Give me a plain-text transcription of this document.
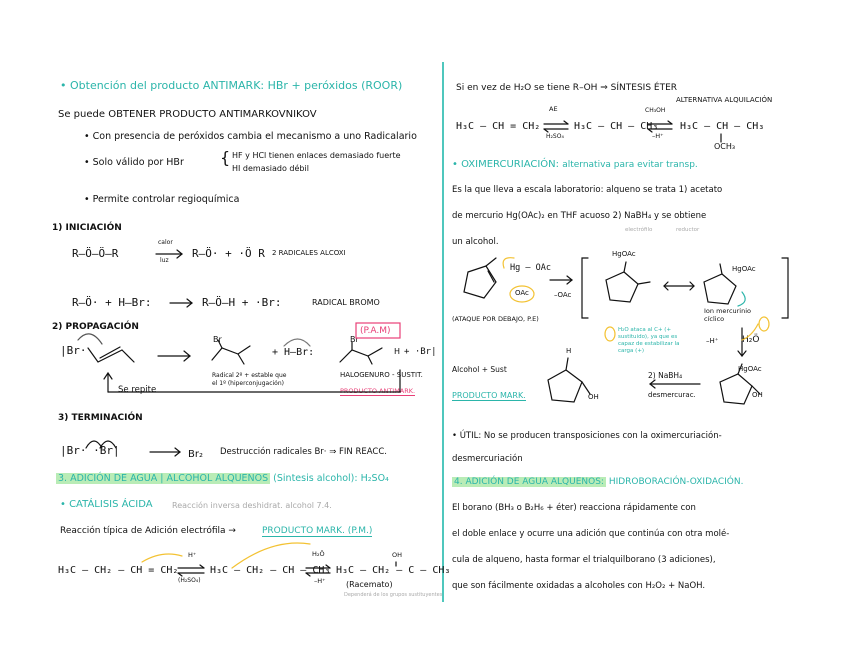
• Obtención del producto ANTIMARK: HBr + peróxidos (ROOR)
Se puede OBTENER PRODUCTO ANTIMARKOVNIKOV
• Con presencia de peróxidos cambia el mecanismo a uno Radicalario
• Solo válido por HBr { HF y HCl tienen enlaces demasiado fuerte
HI demasiado débil
• Permite controlar regioquímica
1) INICIACIÓN
R–Ö–Ö–R
calor
luz
R–Ö· + ·Ö R 2 RADICALES ALCOXI
R–Ö· + H–Br:	R–Ö–H + ·Br:	RADICAL BROMO
2) PROPAGACIÓN
|Br·
Br
+ H–Br:
Br
H + ·Br|
(P.A.M)
Radical 2º + estable que el 1º (hiperconjugación)
HALOGENURO - SUSTIT.
PRODUCTO ANTIMARK.
Se repite
3) TERMINACIÓN
|Br· ·Br|	Br₂ Destrucción radicales Br· ⇒ FIN REACC.
3. ADICIÓN DE AGUA | ALCOHOL ALQUENOS (Sintesis alcohol): H₂SO₄
• CATÁLISIS ÁCIDA Reacción inversa deshidrat. alcohol 7.4.
Reacción típica de Adición electrófila →	PRODUCTO MARK. (P.M.)
H₃C – CH₂ – CH = CH₂
H⁺
(H₂SO₄)
H₃C – CH₂ – CH – CH₃
H₂Ö
–H⁺
OH
H₃C – CH₂ – C – CH₃
(Racemato)
Dependerá de los grupos sustituyentes
Si en vez de H₂O se tiene R–OH ⇒ SÍNTESIS ÉTER
ALTERNATIVA ALQUILACIÓN
H₃C – CH = CH₂
AE
H₂SO₄
H₃C – CH – CH₃
CH₃OH
–H⁺
H₃C – CH – CH₃
OCH₃
• OXIMERCURIACIÓN: alternativa para evitar transp.
Es la que lleva a escala laboratorio: alqueno se trata 1) acetato
de mercurio Hg(OAc)₂ en THF acuoso 2) NaBH₄ y se obtiene
electrófilo	reductor
un alcohol.
Hg – OAc
OAc	–OAc
(ATAQUE POR DEBAJO, P.E)
HgOAc
HgOAc
Ion mercurinio cíclico
H₂O ataca al C+ (+ sustituido), ya que es capaz de estabilizar la carga (+)
–H⁺	H₂Ö
Alcohol + Sust
H
OH
2) NaBH₄
desmercurac.
HgOAc
OH
PRODUCTO MARK.
• ÚTIL: No se producen transposiciones con la oximercuriación-
desmercuriación
4. ADICIÓN DE AGUA ALQUENOS: HIDROBORACIÓN-OXIDACIÓN.
El borano (BH₃ o B₂H₆ + éter) reacciona rápidamente con
el doble enlace y ocurre una adición que continúa con otra molé-
cula de alqueno, hasta formar el trialquilborano (3 adiciones),
que son fácilmente oxidadas a alcoholes con H₂O₂ + NaOH.
